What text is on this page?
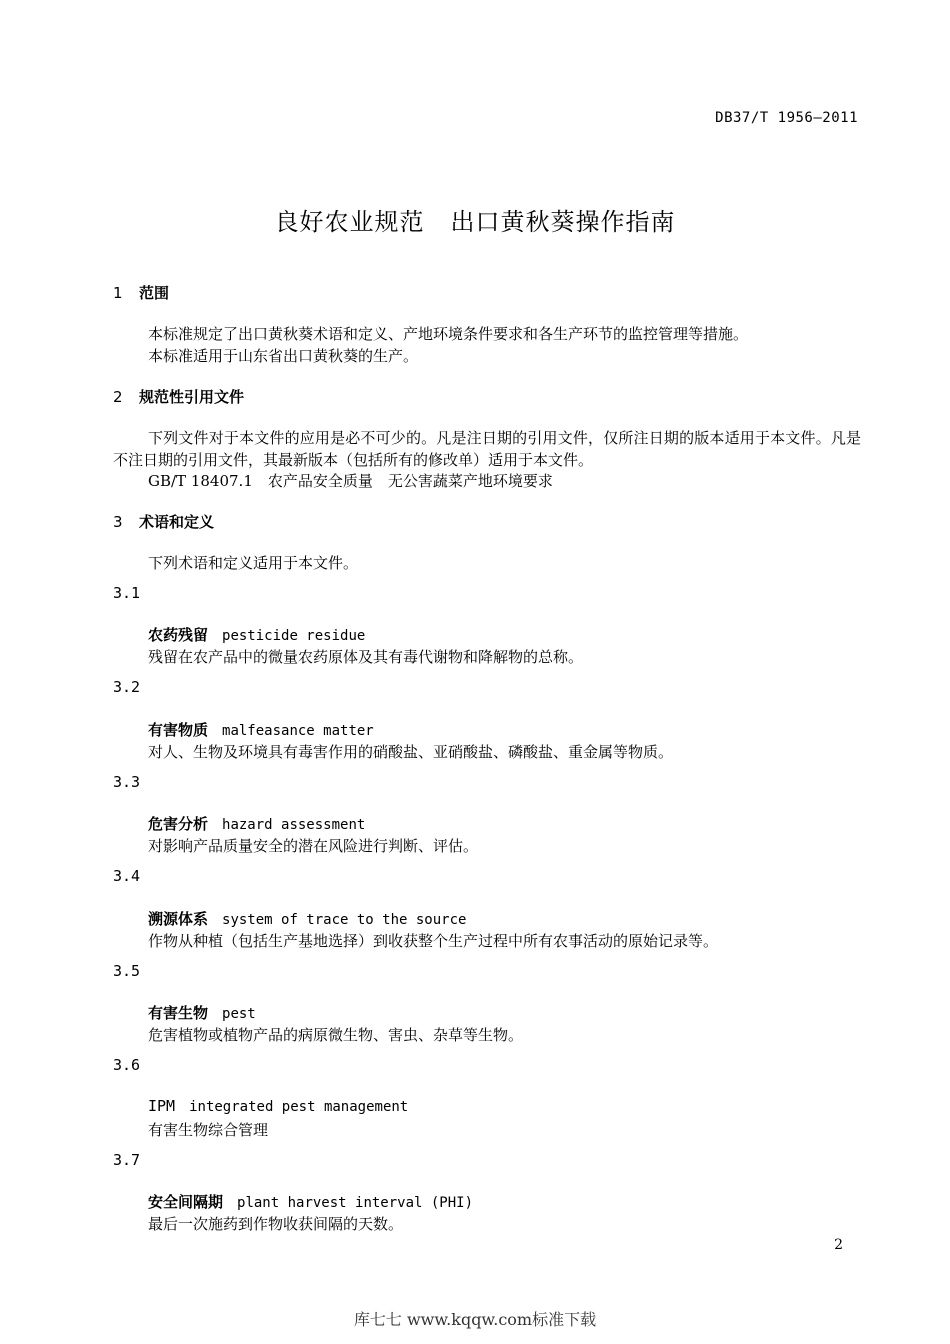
DB37/T 1956—2011
良好农业规范 出口黄秋葵操作指南
1 范围
本标准规定了出口黄秋葵术语和定义、产地环境条件要求和各生产环节的监控管理等措施。
本标准适用于山东省出口黄秋葵的生产。
2 规范性引用文件
下列文件对于本文件的应用是必不可少的。凡是注日期的引用文件，仅所注日期的版本适用于本文件。凡是不注日期的引用文件，其最新版本（包括所有的修改单）适用于本文件。
GB/T 18407.1　农产品安全质量　无公害蔬菜产地环境要求
3 术语和定义
下列术语和定义适用于本文件。
3.1
农药残留 pesticide residue
残留在农产品中的微量农药原体及其有毒代谢物和降解物的总称。
3.2
有害物质 malfeasance matter
对人、生物及环境具有毒害作用的硝酸盐、亚硝酸盐、磷酸盐、重金属等物质。
3.3
危害分析 hazard assessment
对影响产品质量安全的潜在风险进行判断、评估。
3.4
溯源体系 system of trace to the source
作物从种植（包括生产基地选择）到收获整个生产过程中所有农事活动的原始记录等。
3.5
有害生物 pest
危害植物或植物产品的病原微生物、害虫、杂草等生物。
3.6
IPM integrated pest management
有害生物综合管理
3.7
安全间隔期 plant harvest interval (PHI)
最后一次施药到作物收获间隔的天数。
2
库七七 www.kqqw.com标准下载
